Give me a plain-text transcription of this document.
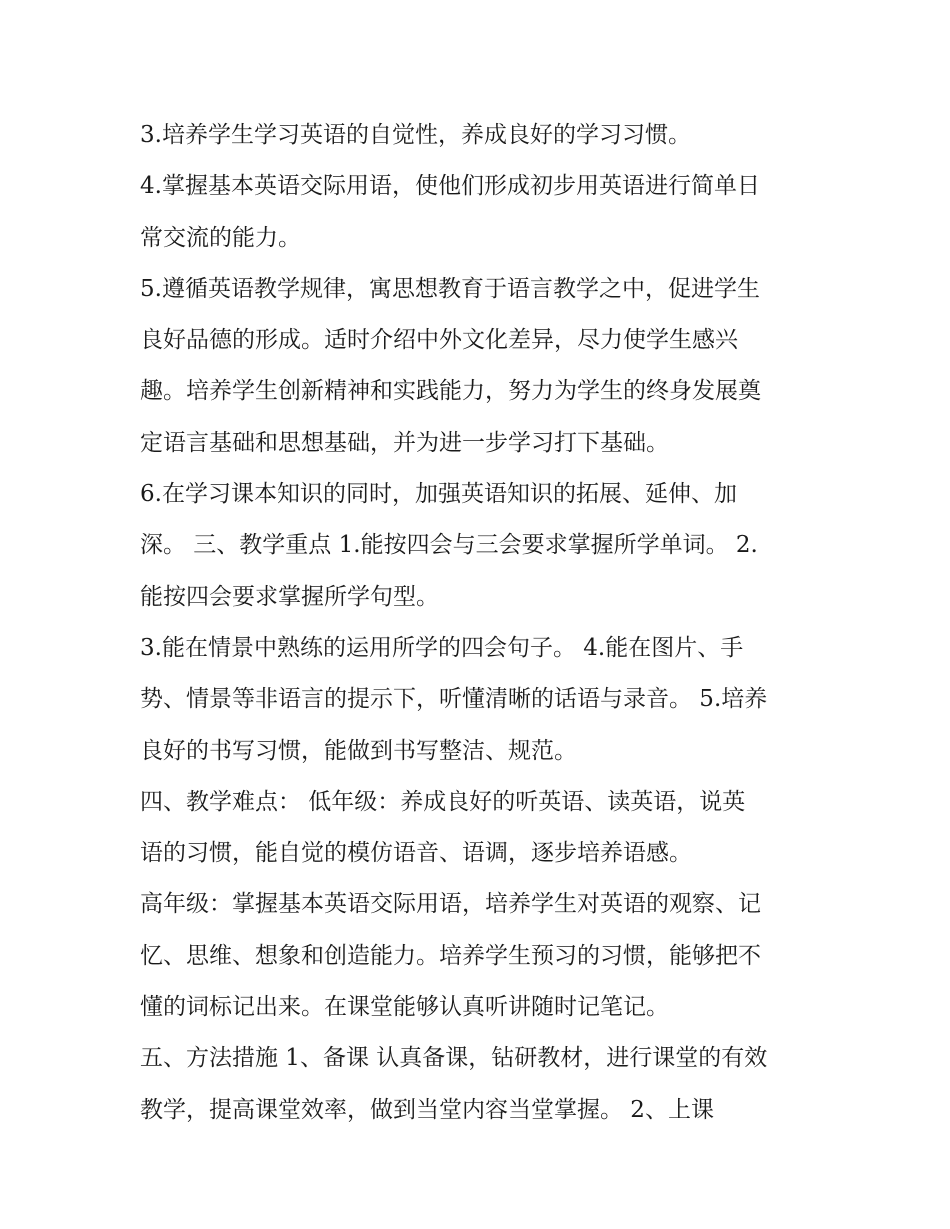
3.培养学生学习英语的自觉性，养成良好的学习习惯。
4.掌握基本英语交际用语，使他们形成初步用英语进行简单日
常交流的能力。
5.遵循英语教学规律，寓思想教育于语言教学之中，促进学生
良好品德的形成。适时介绍中外文化差异，尽力使学生感兴
趣。培养学生创新精神和实践能力，努力为学生的终身发展奠
定语言基础和思想基础，并为进一步学习打下基础。
6.在学习课本知识的同时，加强英语知识的拓展、延伸、加
深。 三、教学重点 1.能按四会与三会要求掌握所学单词。 2.
能按四会要求掌握所学句型。
3.能在情景中熟练的运用所学的四会句子。 4.能在图片、手
势、情景等非语言的提示下，听懂清晰的话语与录音。 5.培养
良好的书写习惯，能做到书写整洁、规范。
四、教学难点： 低年级：养成良好的听英语、读英语，说英
语的习惯，能自觉的模仿语音、语调，逐步培养语感。
高年级：掌握基本英语交际用语，培养学生对英语的观察、记
忆、思维、想象和创造能力。培养学生预习的习惯，能够把不
懂的词标记出来。在课堂能够认真听讲随时记笔记。
五、方法措施 1、备课 认真备课，钻研教材，进行课堂的有效
教学，提高课堂效率，做到当堂内容当堂掌握。 2、上课
